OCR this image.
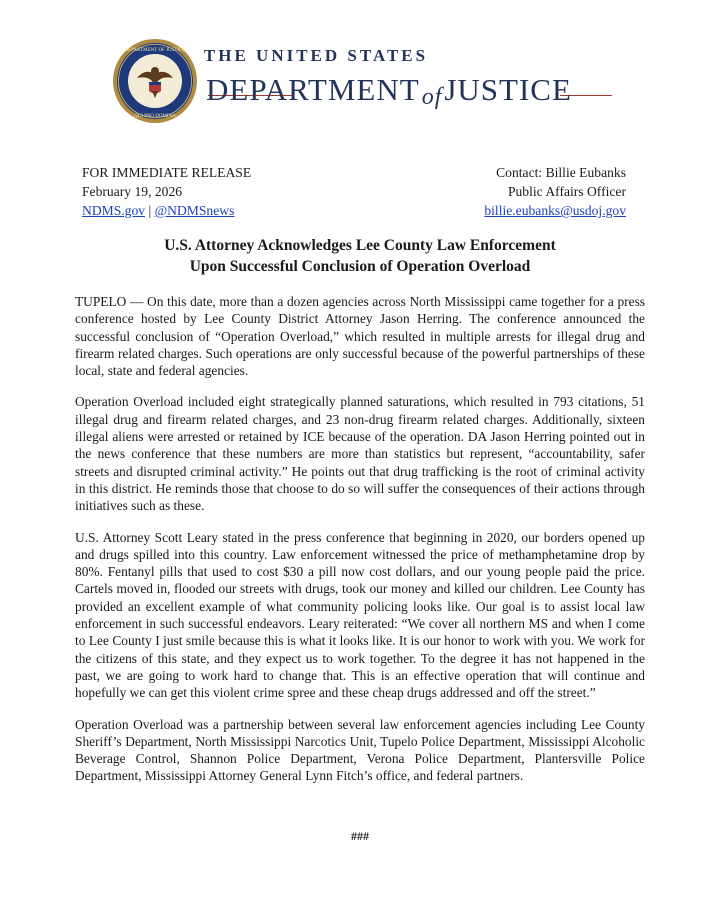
DEPARTMENT OF JUSTICE
QUI PRO DOMINA
THE UNITED STATES
DEPARTMENTofJUSTICE
FOR IMMEDIATE RELEASE
February 19, 2026
NDMS.gov | @NDMSnews
Contact: Billie Eubanks
Public Affairs Officer
billie.eubanks@usdoj.gov
U.S. Attorney Acknowledges Lee County Law Enforcement
Upon Successful Conclusion of Operation Overload

TUPELO — On this date, more than a dozen agencies across North Mississippi came together for a press conference hosted by Lee County District Attorney Jason Herring. The conference announced the successful conclusion of “Operation Overload,” which resulted in multiple arrests for illegal drug and firearm related charges. Such operations are only successful because of the powerful partnerships of these local, state and federal agencies.

Operation Overload included eight strategically planned saturations, which resulted in 793 citations, 51 illegal drug and firearm related charges, and 23 non-drug firearm related charges. Additionally, sixteen illegal aliens were arrested or retained by ICE because of the operation. DA Jason Herring pointed out in the news conference that these numbers are more than statistics but represent, “accountability, safer streets and disrupted criminal activity.” He points out that drug trafficking is the root of criminal activity in this district. He reminds those that choose to do so will suffer the consequences of their actions through initiatives such as these.

U.S. Attorney Scott Leary stated in the press conference that beginning in 2020, our borders opened up and drugs spilled into this country. Law enforcement witnessed the price of methamphetamine drop by 80%. Fentanyl pills that used to cost $30 a pill now cost dollars, and our young people paid the price. Cartels moved in, flooded our streets with drugs, took our money and killed our children. Lee County has provided an excellent example of what community policing looks like. Our goal is to assist local law enforcement in such successful endeavors. Leary reiterated: “We cover all northern MS and when I come to Lee County I just smile because this is what it looks like. It is our honor to work with you. We work for the citizens of this state, and they expect us to work together. To the degree it has not happened in the past, we are going to work hard to change that. This is an effective operation that will continue and hopefully we can get this violent crime spree and these cheap drugs addressed and off the street.”

Operation Overload was a partnership between several law enforcement agencies including Lee County Sheriff’s Department, North Mississippi Narcotics Unit, Tupelo Police Department, Mississippi Alcoholic Beverage Control, Shannon Police Department, Verona Police Department, Plantersville Police Department, Mississippi Attorney General Lynn Fitch’s office, and federal partners.

###
